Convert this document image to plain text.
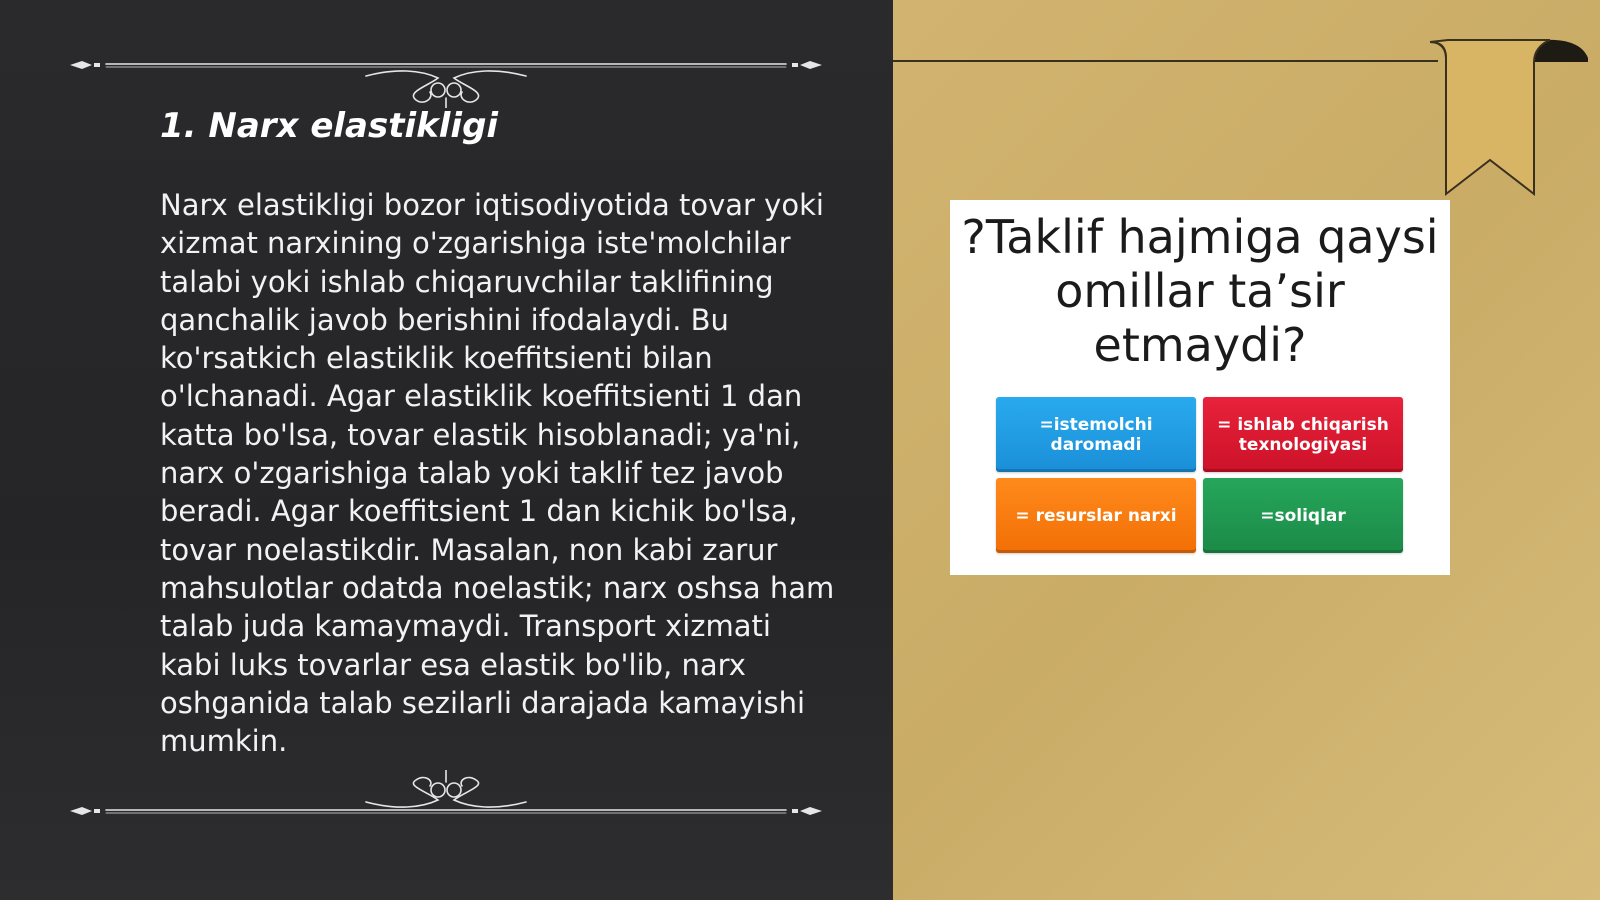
1. Narx elastikligi

Narx elastikligi bozor iqtisodiyotida tovar yoki xizmat narxining o'zgarishiga iste'molchilar talabi yoki ishlab chiqaruvchilar taklifining qanchalik javob berishini ifodalaydi. Bu ko'rsatkich elastiklik koeffitsienti bilan o'lchanadi. Agar elastiklik koeffitsienti 1 dan katta bo'lsa, tovar elastik hisoblanadi; ya'ni, narx o'zgarishiga talab yoki taklif tez javob beradi. Agar koeffitsient 1 dan kichik bo'lsa, tovar noelastikdir. Masalan, non kabi zarur mahsulotlar odatda noelastik; narx oshsa ham talab juda kamaymaydi. Transport xizmati kabi luks tovarlar esa elastik bo'lib, narx oshganida talab sezilarli darajada kamayishi mumkin.

?Taklif hajmiga qaysi omillar ta’sir etmaydi?

=istemolchi daromadi
= ishlab chiqarish texnologiyasi
= resurslar narxi	=soliqlar
